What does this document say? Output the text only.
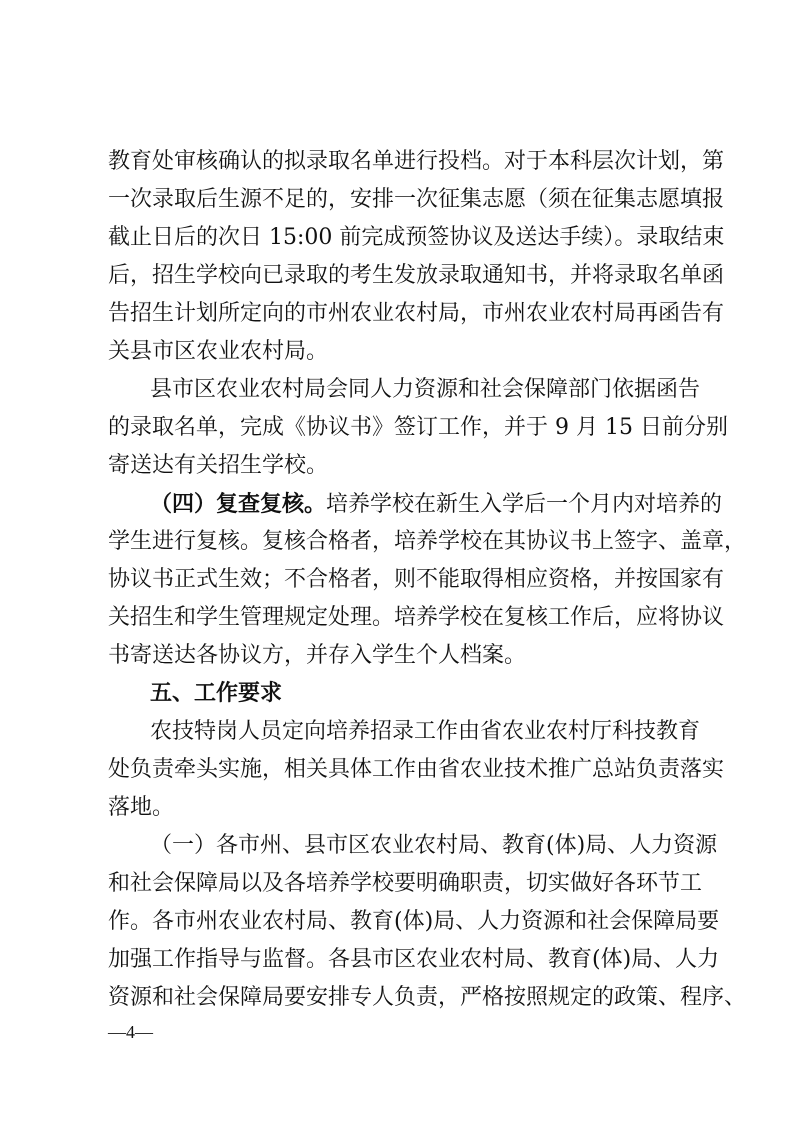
教育处审核确认的拟录取名单进行投档。对于本科层次计划，第
一次录取后生源不足的，安排一次征集志愿（须在征集志愿填报
截止日后的次日 15:00 前完成预签协议及送达手续）。录取结束
后，招生学校向已录取的考生发放录取通知书，并将录取名单函
告招生计划所定向的市州农业农村局，市州农业农村局再函告有
关县市区农业农村局。
县市区农业农村局会同人力资源和社会保障部门依据函告
的录取名单，完成《协议书》签订工作，并于 9 月 15 日前分别
寄送达有关招生学校。
（四）复查复核。培养学校在新生入学后一个月内对培养的
学生进行复核。复核合格者，培养学校在其协议书上签字、盖章，
协议书正式生效；不合格者，则不能取得相应资格，并按国家有
关招生和学生管理规定处理。培养学校在复核工作后，应将协议
书寄送达各协议方，并存入学生个人档案。
五、工作要求
农技特岗人员定向培养招录工作由省农业农村厅科技教育
处负责牵头实施，相关具体工作由省农业技术推广总站负责落实
落地。
（一）各市州、县市区农业农村局、教育(体)局、人力资源
和社会保障局以及各培养学校要明确职责，切实做好各环节工
作。各市州农业农村局、教育(体)局、人力资源和社会保障局要
加强工作指导与监督。各县市区农业农村局、教育(体)局、人力
资源和社会保障局要安排专人负责，严格按照规定的政策、程序、
—4—
